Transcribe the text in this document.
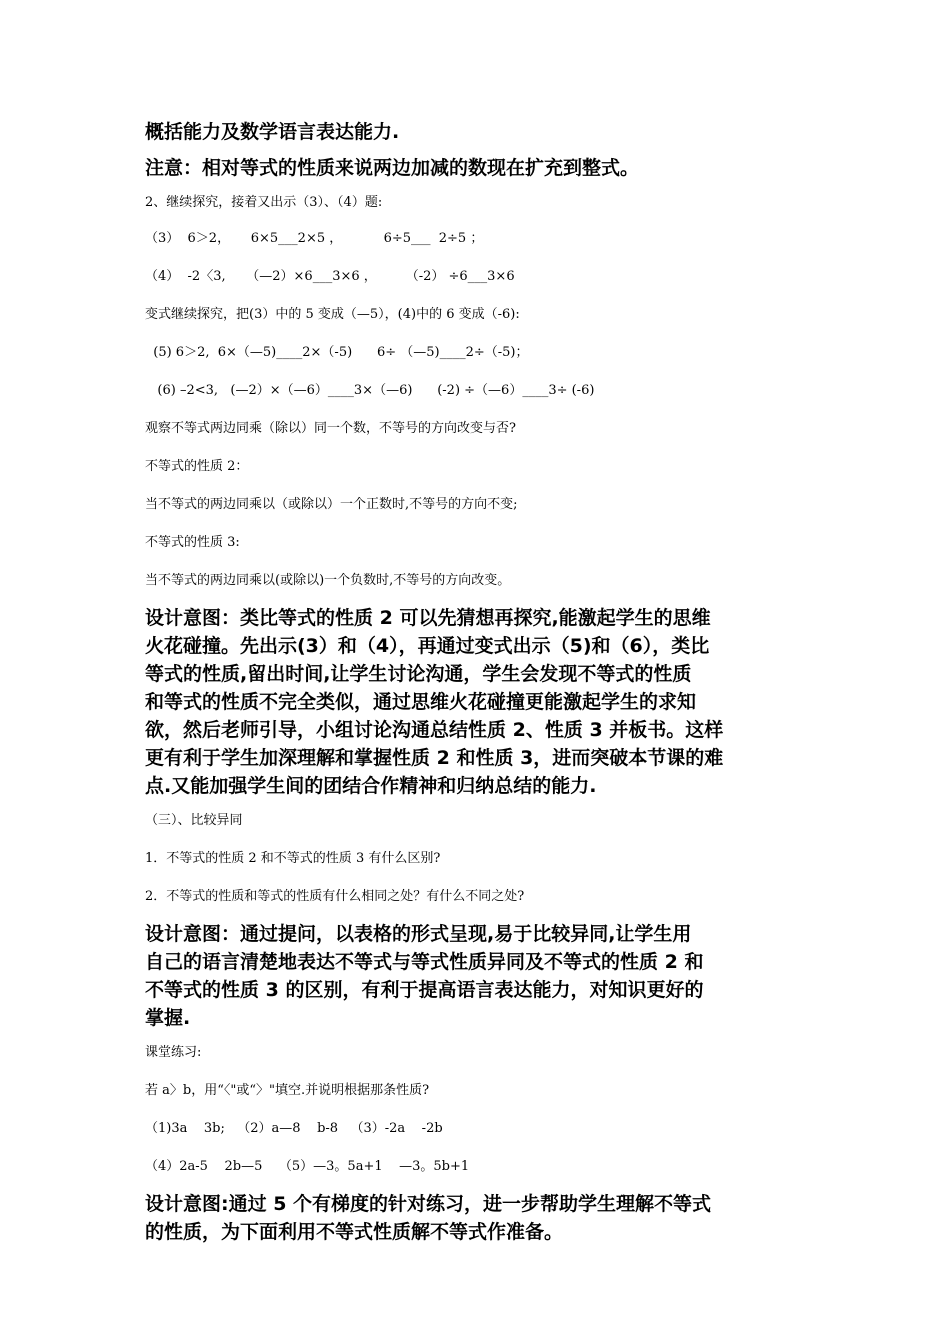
概括能力及数学语言表达能力.

注意：相对等式的性质来说两边加减的数现在扩充到整式。

2、继续探究，接着又出示（3）、（4）题:

（3）  6＞2，     6×5___2×5 ，          6÷5___  2÷5 ；

（4）  -2〈3,     （—2）×6___3×6 ，       （-2） ÷6___3×6

变式继续探究，把(3）中的 5 变成（—5），(4)中的 6 变成（-6):

(5) 6＞2,  6×（—5)____2×（-5)      6÷ （—5)____2÷（-5)；

(6) –2<3,   (—2）×（—6）____3×（—6)      (-2) ÷（—6）____3÷ (-6)

观察不等式两边同乘（除以）同一个数，不等号的方向改变与否?

不等式的性质 2：

当不等式的两边同乘以（或除以）一个正数时,不等号的方向不变;

不等式的性质 3:

当不等式的两边同乘以(或除以)一个负数时,不等号的方向改变。

设计意图：类比等式的性质 2 可以先猜想再探究,能激起学生的思维

火花碰撞。先出示(3）和（4），再通过变式出示（5)和（6），类比

等式的性质,留出时间,让学生讨论沟通，学生会发现不等式的性质

和等式的性质不完全类似，通过思维火花碰撞更能激起学生的求知

欲，然后老师引导，小组讨论沟通总结性质 2、性质 3 并板书。这样

更有利于学生加深理解和掌握性质 2 和性质 3，进而突破本节课的难

点.又能加强学生间的团结合作精神和归纳总结的能力.

（三）、比较异同

1．不等式的性质 2 和不等式的性质 3 有什么区别?

2．不等式的性质和等式的性质有什么相同之处？有什么不同之处?

设计意图：通过提问，以表格的形式呈现,易于比较异同,让学生用

自己的语言清楚地表达不等式与等式性质异同及不等式的性质 2 和

不等式的性质 3 的区别，有利于提高语言表达能力，对知识更好的

掌握.

课堂练习:

若 a〉b，用“〈"或“〉"填空.并说明根据那条性质?

（1)3a    3b;   （2）a—8    b-8   （3）-2a    -2b

（4）2a-5    2b—5    （5）—3。5a+1    —3。5b+1

设计意图:通过 5 个有梯度的针对练习，进一步帮助学生理解不等式

的性质，为下面利用不等式性质解不等式作准备。
